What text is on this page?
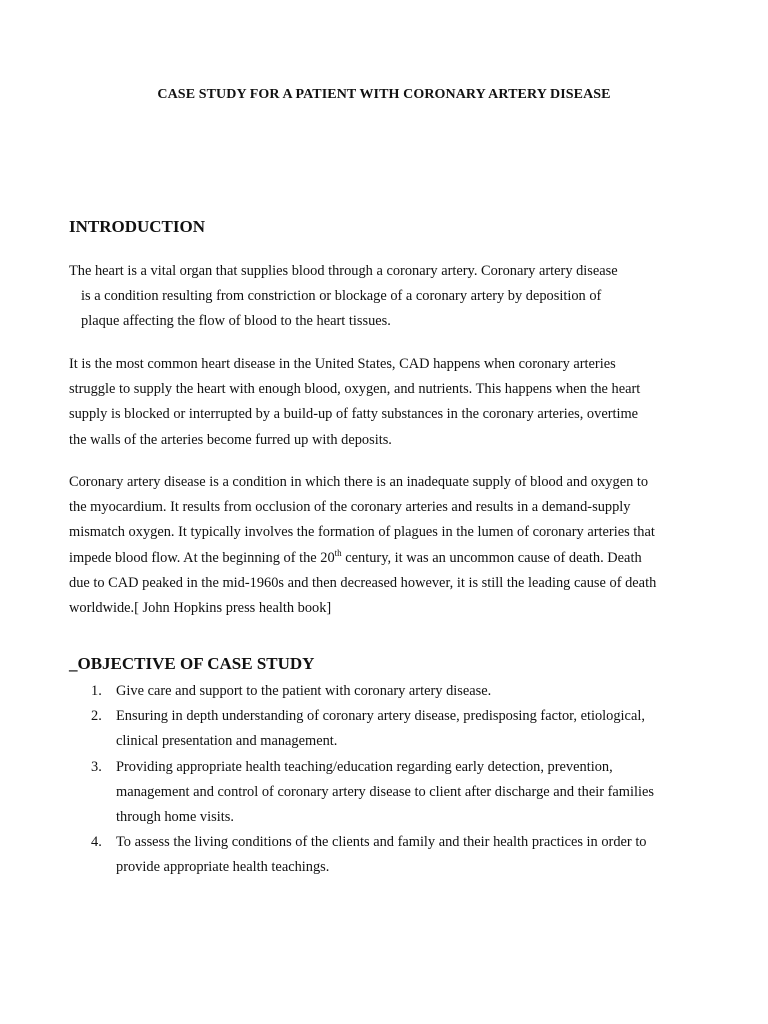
CASE STUDY FOR A PATIENT WITH CORONARY ARTERY DISEASE
INTRODUCTION

The heart is a vital organ that supplies blood through a coronary artery. Coronary artery disease
is a condition resulting from constriction or blockage of a coronary artery by deposition of
plaque affecting the flow of blood to the heart tissues.

It is the most common heart disease in the United States, CAD happens when coronary arteries
struggle to supply the heart with enough blood, oxygen, and nutrients. This happens when the heart
supply is blocked or interrupted by a build-up of fatty substances in the coronary arteries, overtime
the walls of the arteries become furred up with deposits.

Coronary artery disease is a condition in which there is an inadequate supply of blood and oxygen to
the myocardium. It results from occlusion of the coronary arteries and results in a demand-supply
mismatch oxygen. It typically involves the formation of plagues in the lumen of coronary arteries that
impede blood flow. At the beginning of the 20th century, it was an uncommon cause of death. Death
due to CAD peaked in the mid-1960s and then decreased however, it is still the leading cause of death
worldwide.[ John Hopkins press health book]

_OBJECTIVE OF CASE STUDY
1. Give care and support to the patient with coronary artery disease.
2. Ensuring in depth understanding of coronary artery disease, predisposing factor, etiological,
clinical presentation and management.
3. Providing appropriate health teaching/education regarding early detection, prevention,
management and control of coronary artery disease to client after discharge and their families
through home visits.
4. To assess the living conditions of the clients and family and their health practices in order to
provide appropriate health teachings.
